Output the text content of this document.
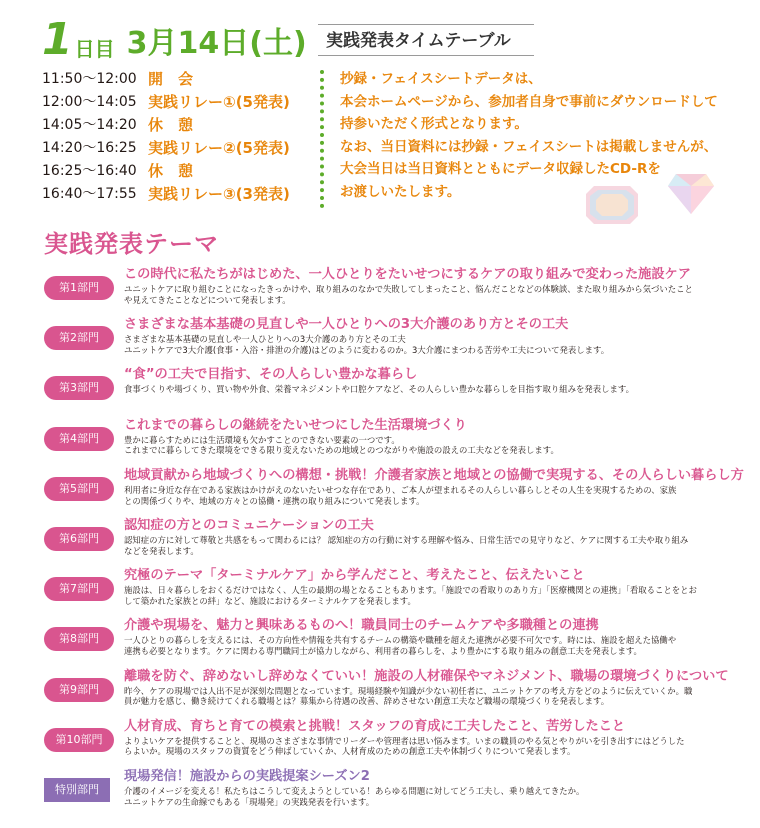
1 日目 3月14日(土)	実践発表タイムテーブル
11:50〜12:00 開　会
12:00〜14:05 実践リレー①(5発表)
14:05〜14:20 休　憩
14:20〜16:25 実践リレー②(5発表)
16:25〜16:40 休　憩
16:40〜17:55 実践リレー③(3発表)
抄録・フェイスシートデータは、
本会ホームページから、参加者自身で事前にダウンロードして
持参いただく形式となります。
なお、当日資料には抄録・フェイスシートは掲載しませんが、
大会当日は当日資料とともにデータ収録したCD-Rを
お渡しいたします。
実践発表テーマ
第1部門
この時代に私たちがはじめた、一人ひとりをたいせつにするケアの取り組みで変わった施設ケア
ユニットケアに取り組むことになったきっかけや、取り組みのなかで失敗してしまったこと、悩んだことなどの体験談、また取り組みから気づいたこと
や見えてきたことなどについて発表します。
第2部門
さまざまな基本基礎の見直しや一人ひとりへの3大介護のあり方とその工夫
さまざまな基本基礎の見直しや一人ひとりへの3大介護のあり方とその工夫
ユニットケアで3大介護(食事・入浴・排泄の介護)はどのように変わるのか。3大介護にまつわる苦労や工夫について発表します。
第3部門
“食”の工夫で目指す、その人らしい豊かな暮らし
食事づくりや場づくり、買い物や外食、栄養マネジメントや口腔ケアなど、その人らしい豊かな暮らしを目指す取り組みを発表します。
第4部門
これまでの暮らしの継続をたいせつにした生活環境づくり
豊かに暮らすためには生活環境も欠かすことのできない要素の一つです。
これまでに暮らしてきた環境をできる限り変えないための地域とのつながりや施設の設えの工夫などを発表します。
第5部門
地域貢献から地域づくりへの構想・挑戦！介護者家族と地域との協働で実現する、その人らしい暮らし方
利用者に身近な存在である家族はかけがえのないたいせつな存在であり、ご本人が望まれるその人らしい暮らしとその人生を実現するための、家族
との関係づくりや、地域の方々との協働・連携の取り組みについて発表します。
第6部門
認知症の方とのコミュニケーションの工夫
認知症の方に対して尊敬と共感をもって関わるには？ 認知症の方の行動に対する理解や悩み、日常生活での見守りなど、ケアに関する工夫や取り組み
などを発表します。
第7部門
究極のテーマ「ターミナルケア」から学んだこと、考えたこと、伝えたいこと
施設は、日々暮らしをおくるだけではなく、人生の最期の場となることもあります。「施設での看取りのあり方」「医療機関との連携」「看取ることをとお
して築かれた家族との絆」など、施設におけるターミナルケアを発表します。
第8部門
介護や現場を、魅力と興味あるものへ！職員同士のチームケアや多職種との連携
一人ひとりの暮らしを支えるには、その方向性や情報を共有するチームの構築や職種を超えた連携が必要不可欠です。時には、施設を超えた協働や
連携も必要となります。ケアに関わる専門職同士が協力しながら、利用者の暮らしを、より豊かにする取り組みの創意工夫を発表します。
第9部門
離職を防ぐ、辞めないし辞めなくていい！施設の人材確保やマネジメント、職場の環境づくりについて
昨今、ケアの現場では人出不足が深刻な問題となっています。現場経験や知識が少ない初任者に、ユニットケアの考え方をどのように伝えていくか。職
員が魅力を感じ、働き続けてくれる職場とは？募集から待遇の改善、辞めさせない創意工夫など職場の環境づくりを発表します。
第10部門
人材育成、育ちと育ての模索と挑戦！スタッフの育成に工夫したこと、苦労したこと
よりよいケアを提供することと、現場のさまざまな事情でリーダーや管理者は思い悩みます。いまの職員のやる気とやりがいを引き出すにはどうした
らよいか。現場のスタッフの資質をどう伸ばしていくか、人材育成のための創意工夫や体制づくりについて発表します。
特別部門
現場発信！施設からの実践提案シーズン2
介護のイメージを変える！私たちはこうして変えようとしている！あらゆる問題に対してどう工夫し、乗り越えてきたか。
ユニットケアの生命線でもある「現場発」の実践発表を行います。
